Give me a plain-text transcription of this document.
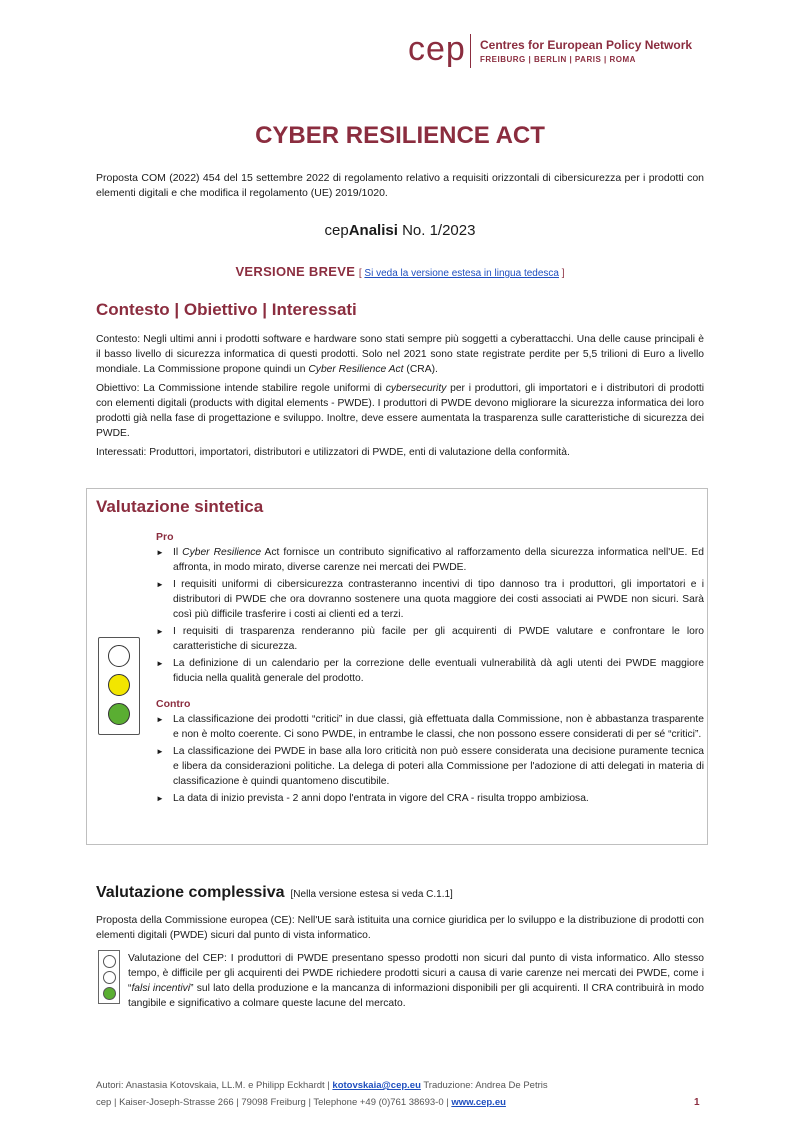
cep Centres for European Policy Network
FREIBURG | BERLIN | PARIS | ROMA
CYBER RESILIENCE ACT

Proposta COM (2022) 454 del 15 settembre 2022 di regolamento relativo a requisiti orizzontali di cibersicurezza per i prodotti con elementi digitali e che modifica il regolamento (UE) 2019/1020.

cepAnalisi No. 1/2023
VERSIONE BREVE [ Si veda la versione estesa in lingua tedesca ]
Contesto | Obiettivo | Interessati

Contesto: Negli ultimi anni i prodotti software e hardware sono stati sempre più soggetti a cyberattacchi. Una delle cause principali è il basso livello di sicurezza informatica di questi prodotti. Solo nel 2021 sono state registrate perdite per 5,5 trilioni di Euro a livello mondiale. La Commissione propone quindi un Cyber Resilience Act (CRA).

Obiettivo: La Commissione intende stabilire regole uniformi di cybersecurity per i produttori, gli importatori e i distributori di prodotti con elementi digitali (products with digital elements - PWDE). I produttori di PWDE devono migliorare la sicurezza informatica dei loro prodotti già nella fase di progettazione e sviluppo. Inoltre, deve essere aumentata la trasparenza sulle caratteristiche di sicurezza dei PWDE.

Interessati: Produttori, importatori, distributori e utilizzatori di PWDE, enti di valutazione della conformità.

Valutazione sintetica
Pro
► Il Cyber Resilience Act fornisce un contributo significativo al rafforzamento della sicurezza informatica nell'UE. Ed affronta, in modo mirato, diverse carenze nei mercati dei PWDE.
► I requisiti uniformi di cibersicurezza contrasteranno incentivi di tipo dannoso tra i produttori, gli importatori e i distributori di PWDE che ora dovranno sostenere una quota maggiore dei costi associati ai PWDE non sicuri. Sarà così più difficile trasferire i costi ai clienti ed a terzi.
► I requisiti di trasparenza renderanno più facile per gli acquirenti di PWDE valutare e confrontare le loro caratteristiche di sicurezza.
► La definizione di un calendario per la correzione delle eventuali vulnerabilità dà agli utenti dei PWDE maggiore fiducia nella qualità generale del prodotto.
Contro
► La classificazione dei prodotti “critici” in due classi, già effettuata dalla Commissione, non è abbastanza trasparente e non è molto coerente. Ci sono PWDE, in entrambe le classi, che non possono essere considerati di per sé “critici”.
► La classificazione dei PWDE in base alla loro criticità non può essere considerata una decisione puramente tecnica e libera da considerazioni politiche. La delega di poteri alla Commissione per l'adozione di atti delegati in materia di classificazione è quindi quantomeno discutibile.
► La data di inizio prevista - 2 anni dopo l'entrata in vigore del CRA - risulta troppo ambiziosa.
Valutazione complessiva [Nella versione estesa si veda C.1.1]

Proposta della Commissione europea (CE): Nell'UE sarà istituita una cornice giuridica per lo sviluppo e la distribuzione di prodotti con elementi digitali (PWDE) sicuri dal punto di vista informatico.

Valutazione del CEP: I produttori di PWDE presentano spesso prodotti non sicuri dal punto di vista informatico. Allo stesso tempo, è difficile per gli acquirenti dei PWDE richiedere prodotti sicuri a causa di varie carenze nei mercati dei PWDE, come i “falsi incentivi” sul lato della produzione e la mancanza di informazioni disponibili per gli acquirenti. Il CRA contribuirà in modo tangibile e significativo a colmare queste lacune del mercato.

Autori: Anastasia Kotovskaia, LL.M. e Philipp Eckhardt | kotovskaia@cep.eu Traduzione: Andrea De Petris
cep | Kaiser-Joseph-Strasse 266 | 79098 Freiburg | Telephone +49 (0)761 38693-0 | www.cep.eu	1
